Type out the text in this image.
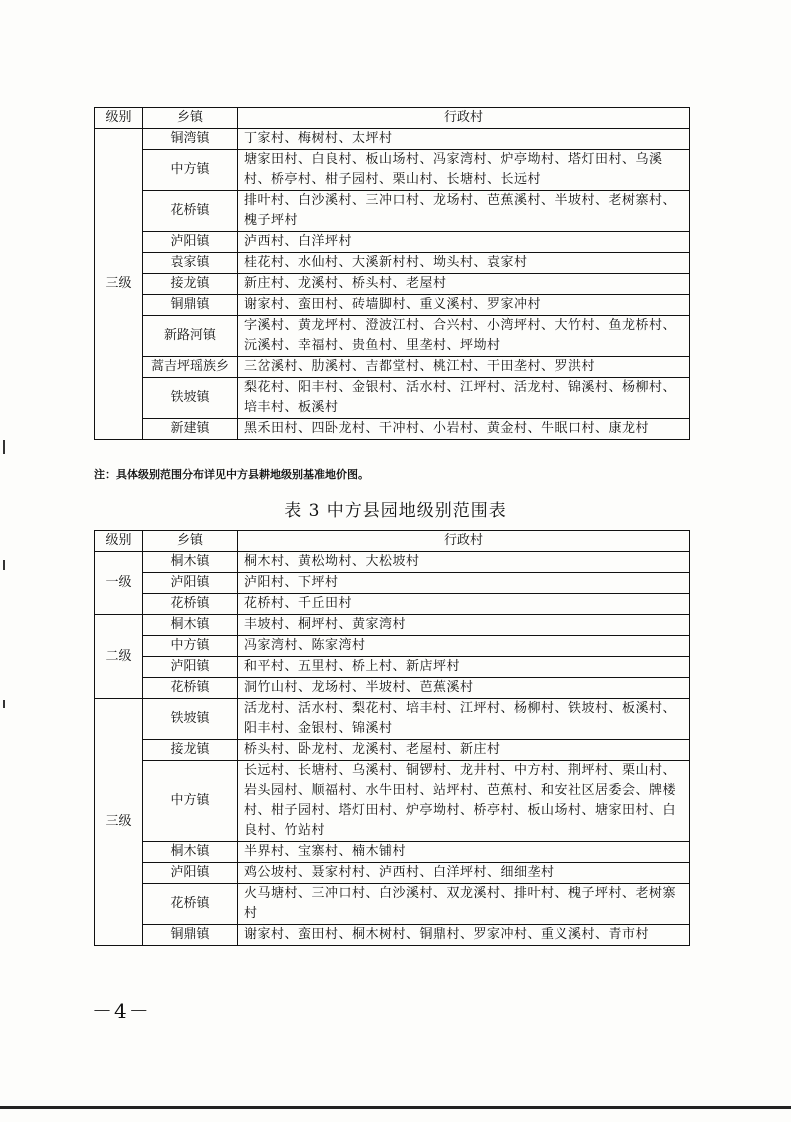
级别	乡镇	行政村
三级	铜湾镇	丁家村、梅树村、太坪村
	中方镇	塘家田村、白良村、板山场村、冯家湾村、炉亭坳村、塔灯田村、乌溪村、桥亭村、柑子园村、栗山村、长塘村、长远村
	花桥镇	排叶村、白沙溪村、三冲口村、龙场村、芭蕉溪村、半坡村、老树寨村、槐子坪村
	泸阳镇	泸西村、白洋坪村
	袁家镇	桂花村、水仙村、大溪新村村、坳头村、袁家村
	接龙镇	新庄村、龙溪村、桥头村、老屋村
	铜鼎镇	谢家村、蛮田村、砖墙脚村、重义溪村、罗家冲村
	新路河镇	字溪村、黄龙坪村、澄波江村、合兴村、小湾坪村、大竹村、鱼龙桥村、沅溪村、幸福村、贵鱼村、里垄村、坪坳村
	蒿吉坪瑶族乡	三岔溪村、肋溪村、吉都堂村、桃江村、干田垄村、罗洪村
	铁坡镇	梨花村、阳丰村、金银村、活水村、江坪村、活龙村、锦溪村、杨柳村、培丰村、板溪村
	新建镇	黑禾田村、四卧龙村、干冲村、小岩村、黄金村、牛眠口村、康龙村
注：具体级别范围分布详见中方县耕地级别基准地价图。
表 3 中方县园地级别范围表
级别	乡镇	行政村
一级	桐木镇	桐木村、黄松坳村、大松坡村
	泸阳镇	泸阳村、下坪村
	花桥镇	花桥村、千丘田村
二级	桐木镇	丰坡村、桐坪村、黄家湾村
	中方镇	冯家湾村、陈家湾村
	泸阳镇	和平村、五里村、桥上村、新店坪村
	花桥镇	洞竹山村、龙场村、半坡村、芭蕉溪村
三级	铁坡镇	活龙村、活水村、梨花村、培丰村、江坪村、杨柳村、铁坡村、板溪村、阳丰村、金银村、锦溪村
	接龙镇	桥头村、卧龙村、龙溪村、老屋村、新庄村
	中方镇	长远村、长塘村、乌溪村、铜锣村、龙井村、中方村、荆坪村、栗山村、岩头园村、顺福村、水牛田村、站坪村、芭蕉村、和安社区居委会、牌楼村、柑子园村、塔灯田村、炉亭坳村、桥亭村、板山场村、塘家田村、白良村、竹站村
	桐木镇	半界村、宝寨村、楠木铺村
	泸阳镇	鸡公坡村、聂家村村、泸西村、白洋坪村、细细垄村
	花桥镇	火马塘村、三冲口村、白沙溪村、双龙溪村、排叶村、槐子坪村、老树寨村
	铜鼎镇	谢家村、蛮田村、桐木树村、铜鼎村、罗家冲村、重义溪村、青市村
－4－
